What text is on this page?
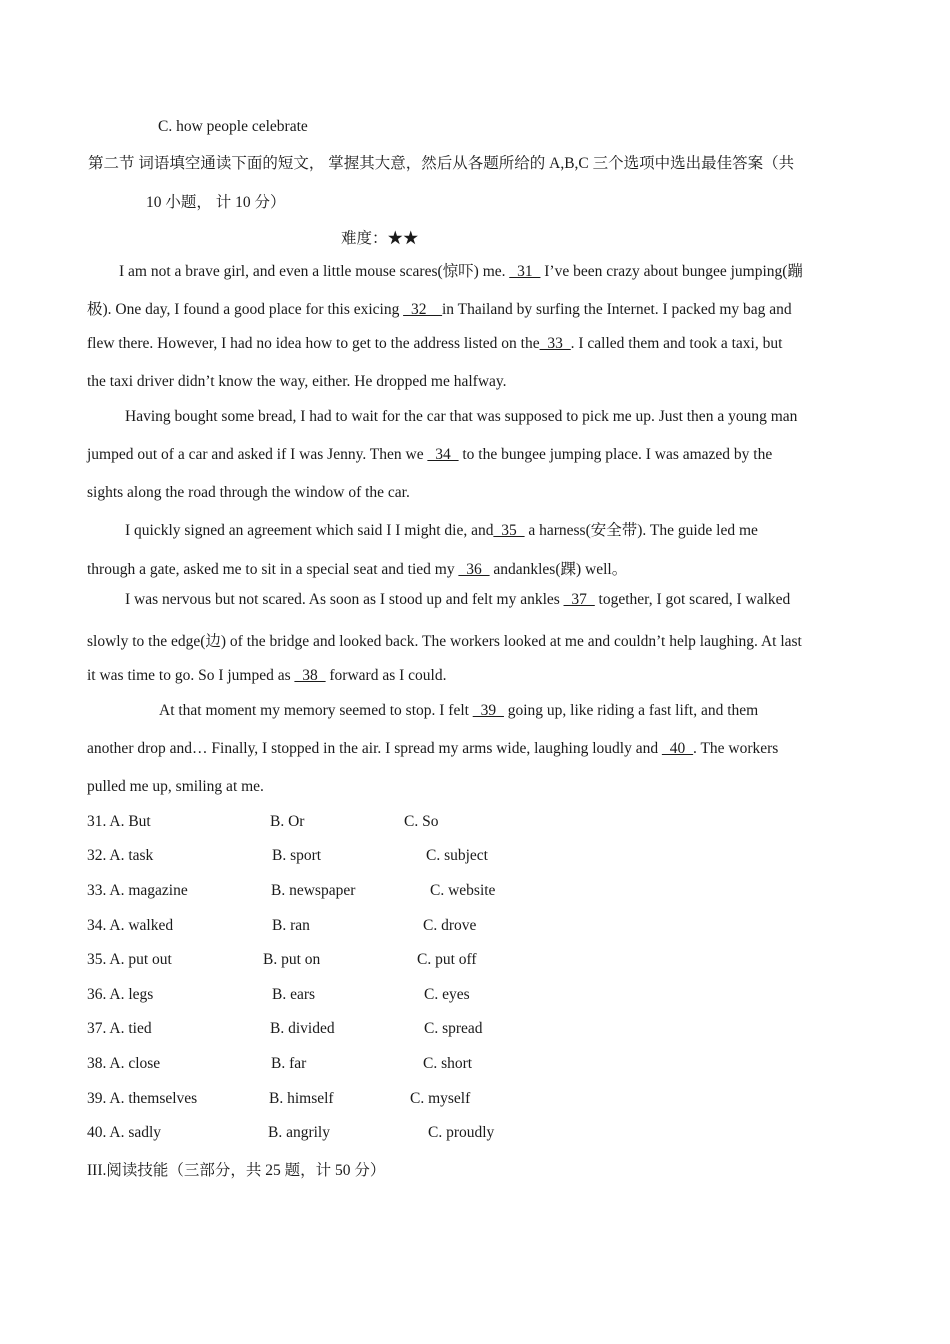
C. how people celebrate
第二节 词语填空通读下面的短文， 掌握其大意，然后从各题所给的 A,B,C 三个选项中选出最佳答案（共
10 小题， 计 10 分）
难度：★★
I am not a brave girl, and even a little mouse scares(惊吓) me. _31_ I’ve been crazy about bungee jumping(蹦
极). One day, I found a good place for this exicing _32__in Thailand by surfing the Internet. I packed my bag and
flew there. However, I had no idea how to get to the address listed on the_33_. I called them and took a taxi, but
the taxi driver didn’t know the way, either. He dropped me halfway.
Having bought some bread, I had to wait for the car that was supposed to pick me up. Just then a young man
jumped out of a car and asked if I was Jenny. Then we _34_ to the bungee jumping place. I was amazed by the
sights along the road through the window of the car.
I quickly signed an agreement which said I I might die, and_35_ a harness(安全带). The guide led me
through a gate, asked me to sit in a special seat and tied my _36_ andankles(踝) well。
I was nervous but not scared. As soon as I stood up and felt my ankles _37_ together, I got scared, I walked
slowly to the edge(边) of the bridge and looked back. The workers looked at me and couldn’t help laughing. At last
it was time to go. So I jumped as _38_ forward as I could.
At that moment my memory seemed to stop. I felt _39_ going up, like riding a fast lift, and them
another drop and… Finally, I stopped in the air. I spread my arms wide, laughing loudly and _40_. The workers
pulled me up, smiling at me.
31. A. But	B. Or	C. So
32. A. task	B. sport	C. subject
33. A. magazine	B. newspaper	C. website
34. A. walked	B. ran	C. drove
35. A. put out	B. put on	C. put off
36. A. legs	B. ears	C. eyes
37. A. tied	B. divided	C. spread
38. A. close	B. far	C. short
39. A. themselves	B. himself	C. myself
40. A. sadly	B. angrily	C. proudly
III.阅读技能（三部分，共 25 题，计 50 分）
